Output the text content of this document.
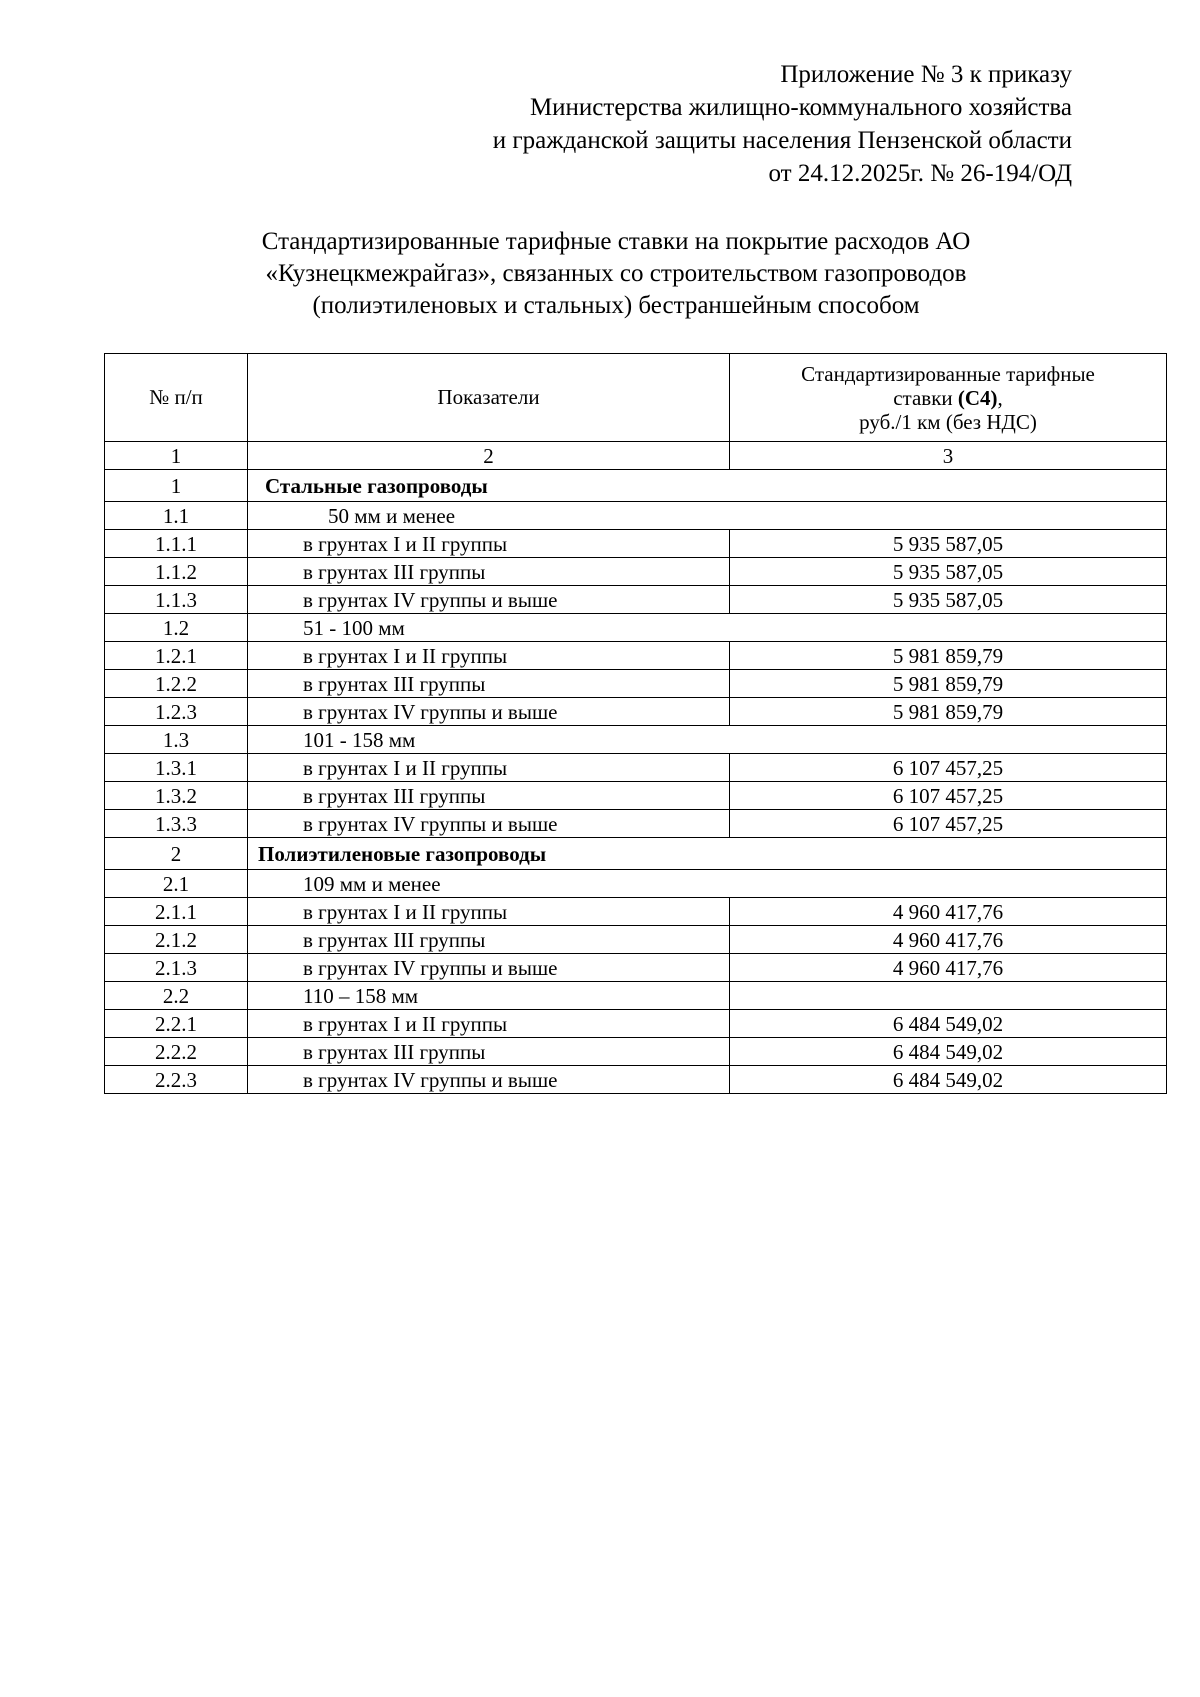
Приложение № 3 к приказу
Министерства жилищно-коммунального хозяйства
и гражданской защиты населения Пензенской области
от 24.12.2025г. № 26-194/ОД
Стандартизированные тарифные ставки на покрытие расходов АО
«Кузнецкмежрайгаз», связанных со строительством газопроводов
(полиэтиленовых и стальных) бестраншейным способом
№ п/п	Показатели	Стандартизированные тарифные
ставки (С4),
руб./1 км (без НДС)

1	2	3
1	Стальные газопроводы	
1.1	50 мм и менее	
1.1.1	в грунтах I и II группы	5 935 587,05
1.1.2	в грунтах III группы	5 935 587,05
1.1.3	в грунтах IV группы и выше	5 935 587,05
1.2	51 - 100 мм	
1.2.1	в грунтах I и II группы	5 981 859,79
1.2.2	в грунтах III группы	5 981 859,79
1.2.3	в грунтах IV группы и выше	5 981 859,79
1.3	101 - 158 мм	
1.3.1	в грунтах I и II группы	6 107 457,25
1.3.2	в грунтах III группы	6 107 457,25
1.3.3	в грунтах IV группы и выше	6 107 457,25
2	Полиэтиленовые газопроводы	
2.1	109 мм и менее	
2.1.1	в грунтах I и II группы	4 960 417,76
2.1.2	в грунтах III группы	4 960 417,76
2.1.3	в грунтах IV группы и выше	4 960 417,76
2.2	110 – 158 мм	
2.2.1	в грунтах I и II группы	6 484 549,02
2.2.2	в грунтах III группы	6 484 549,02
2.2.3	в грунтах IV группы и выше	6 484 549,02
